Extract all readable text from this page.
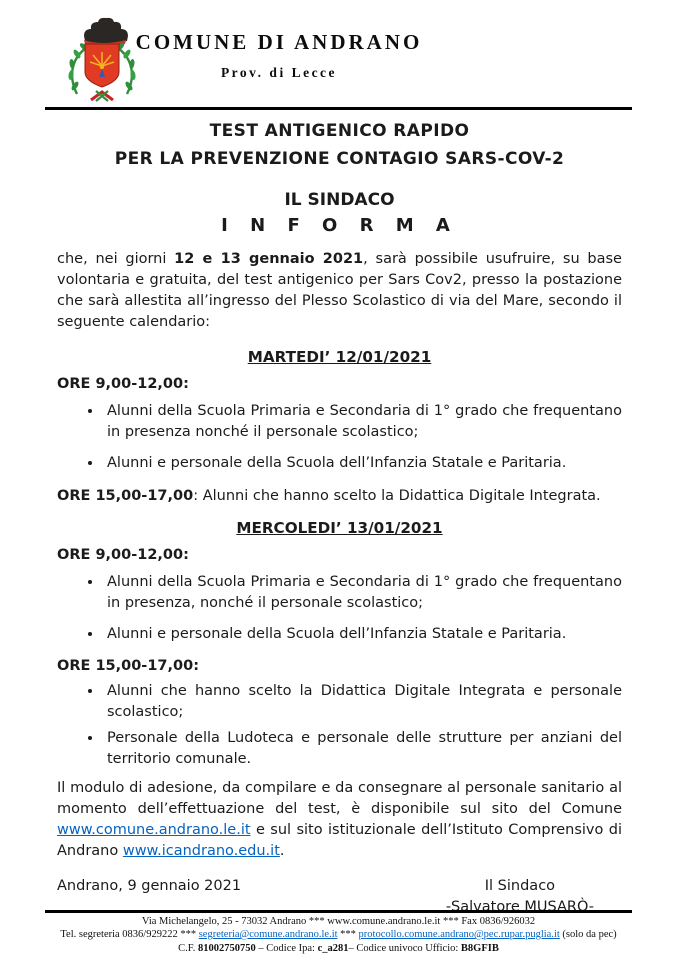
COMUNE DI ANDRANO
Prov. di Lecce
TEST ANTIGENICO RAPIDO
PER LA PREVENZIONE CONTAGIO SARS-COV-2
IL SINDACO
I N F O R M A

che, nei giorni 12 e 13 gennaio 2021, sarà possibile usufruire, su base volontaria e gratuita, del test antigenico per Sars Cov2, presso la postazione che sarà allestita all’ingresso del Plesso Scolastico di via del Mare, secondo il seguente calendario:

MARTEDI’ 12/01/2021
ORE 9,00-12,00:
• Alunni della Scuola Primaria e Secondaria di 1° grado che frequentano in presenza nonché il personale scolastico;
• Alunni e personale della Scuola dell’Infanzia Statale e Paritaria.
ORE 15,00-17,00: Alunni che hanno scelto la Didattica Digitale Integrata.
MERCOLEDI’ 13/01/2021
ORE 9,00-12,00:
• Alunni della Scuola Primaria e Secondaria di 1° grado che frequentano in presenza, nonché il personale scolastico;
• Alunni e personale della Scuola dell’Infanzia Statale e Paritaria.
ORE 15,00-17,00:
• Alunni che hanno scelto la Didattica Digitale Integrata e personale scolastico;
• Personale della Ludoteca e personale delle strutture per anziani del territorio comunale.

Il modulo di adesione, da compilare e da consegnare al personale sanitario al momento dell’effettuazione del test, è disponibile sul sito del Comune www.comune.andrano.le.it e sul sito istituzionale dell’Istituto Comprensivo di Andrano www.icandrano.edu.it.

Andrano, 9 gennaio 2021	Il Sindaco
-Salvatore MUSARÒ-
Via Michelangelo, 25 - 73032 Andrano *** www.comune.andrano.le.it *** Fax 0836/926032
Tel. segreteria 0836/929222 *** segreteria@comune.andrano.le.it *** protocollo.comune.andrano@pec.rupar.puglia.it (solo da pec)
C.F. 81002750750 – Codice Ipa: c_a281– Codice univoco Ufficio: B8GFIB
